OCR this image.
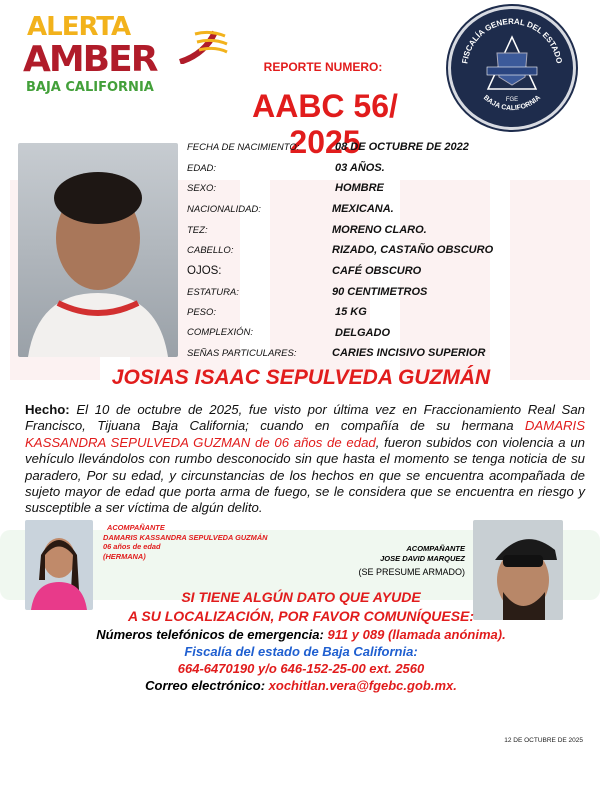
ALERTA
AMBER
BAJA CALIFORNIA
REPORTE NUMERO:
AABC 56/ 2025
FISCALÍA GENERAL DEL ESTADO
BAJA CALIFORNIA
FGE
FECHA DE NACIMIENTO:	08 DE OCTUBRE DE 2022
EDAD:	03 AÑOS.
SEXO:	HOMBRE
NACIONALIDAD:	MEXICANA.
TEZ:	MORENO CLARO.
CABELLO:	RIZADO, CASTAÑO OBSCURO
OJOS:	CAFÉ OBSCURO
ESTATURA:	90 CENTIMETROS
PESO:	15 KG
COMPLEXIÓN:	DELGADO
SEÑAS PARTICULARES:	CARIES INCISIVO SUPERIOR
JOSIAS ISAAC SEPULVEDA GUZMÁN
Hecho: El 10 de octubre de 2025, fue visto por última vez en Fraccionamiento Real San Francisco, Tijuana Baja California; cuando en compañía de su hermana DAMARIS KASSANDRA SEPULVEDA GUZMAN de 06 años de edad, fueron subidos con violencia a un vehículo llevándolos con rumbo desconocido sin que hasta el momento se tenga noticia de su paradero, Por su edad, y circunstancias de los hechos en que se encuentra acompañada de sujeto mayor de edad que porta arma de fuego, se le considera que se encuentra en riesgo y susceptible a ser víctima de algún delito.
ACOMPAÑANTE
DAMARIS KASSANDRA SEPULVEDA GUZMÁN
06 años de edad
(HERMANA)
ACOMPAÑANTE
JOSE DAVID MARQUEZ
(SE PRESUME ARMADO)
SI TIENE ALGÚN DATO QUE AYUDE
A SU LOCALIZACIÓN, POR FAVOR COMUNÍQUESE:
Números telefónicos de emergencia: 911 y 089 (llamada anónima).
Fiscalía del estado de Baja California:
664-6470190 y/o 646-152-25-00 ext. 2560
Correo electrónico: xochitlan.vera@fgebc.gob.mx.
12 DE OCTUBRE DE 2025
